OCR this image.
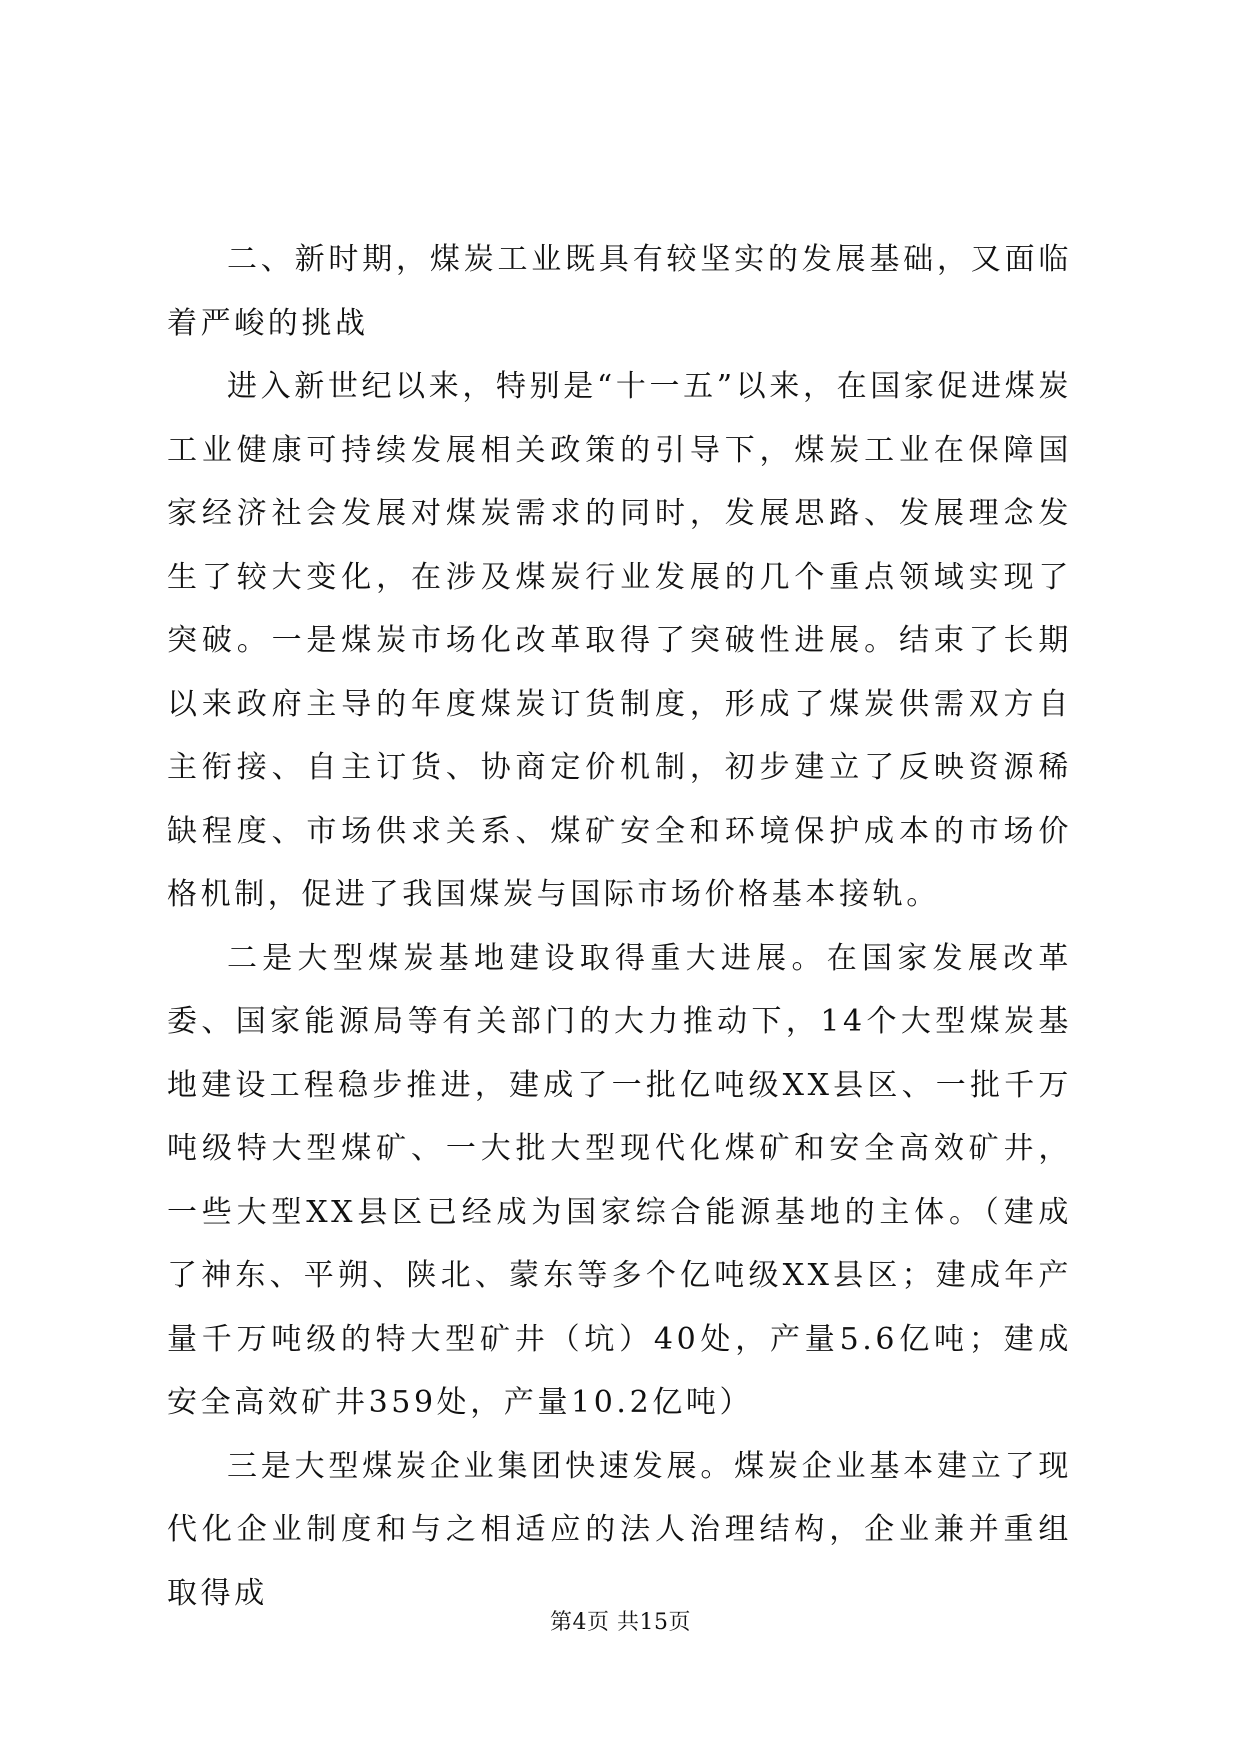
二、新时期，煤炭工业既具有较坚实的发展基础，又面临着严峻的挑战

进入新世纪以来，特别是“十一五”以来，在国家促进煤炭工业健康可持续发展相关政策的引导下，煤炭工业在保障国家经济社会发展对煤炭需求的同时，发展思路、发展理念发生了较大变化，在涉及煤炭行业发展的几个重点领域实现了突破。一是煤炭市场化改革取得了突破性进展。结束了长期以来政府主导的年度煤炭订货制度，形成了煤炭供需双方自主衔接、自主订货、协商定价机制，初步建立了反映资源稀缺程度、市场供求关系、煤矿安全和环境保护成本的市场价格机制，促进了我国煤炭与国际市场价格基本接轨。

二是大型煤炭基地建设取得重大进展。在国家发展改革委、国家能源局等有关部门的大力推动下，14个大型煤炭基地建设工程稳步推进，建成了一批亿吨级XX县区、一批千万吨级特大型煤矿、一大批大型现代化煤矿和安全高效矿井，一些大型XX县区已经成为国家综合能源基地的主体。（建成了神东、平朔、陕北、蒙东等多个亿吨级XX县区；建成年产量千万吨级的特大型矿井（坑）40处，产量5.6亿吨；建成安全高效矿井359处，产量10.2亿吨）

三是大型煤炭企业集团快速发展。煤炭企业基本建立了现代化企业制度和与之相适应的法人治理结构，企业兼并重组取得成

第4页 共15页
